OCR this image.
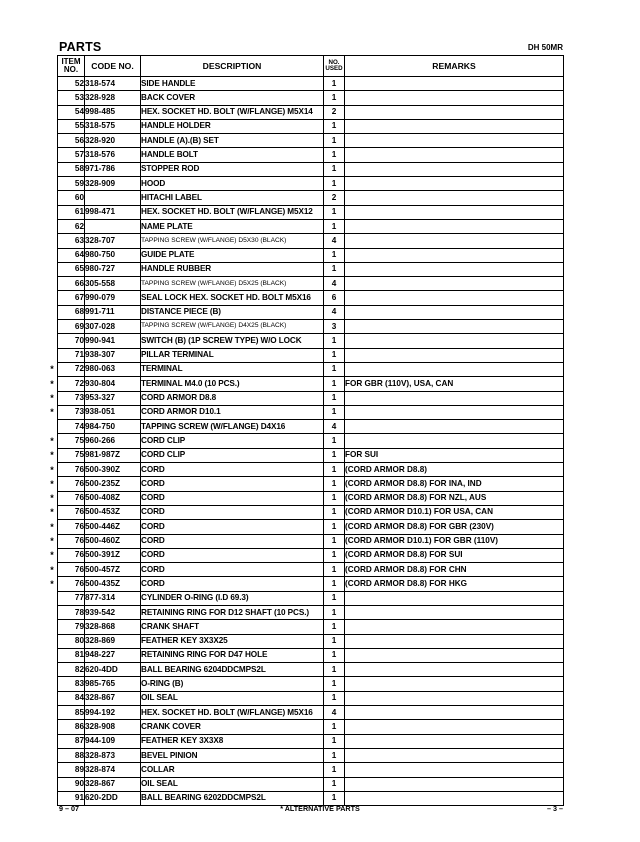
PARTS	DH 50MR
ITEM
NO.	CODE NO.	DESCRIPTION	NO.
USED	REMARKS

52	318-574	SIDE HANDLE	1	

53	328-928	BACK COVER	1	

54	998-485	HEX. SOCKET HD. BOLT (W/FLANGE) M5X14	2	

55	318-575	HANDLE HOLDER	1	

56	328-920	HANDLE (A).(B) SET	1	

57	318-576	HANDLE BOLT	1	

58	971-786	STOPPER ROD	1	

59	328-909	HOOD	1	

60		HITACHI LABEL	2	

61	998-471	HEX. SOCKET HD. BOLT (W/FLANGE) M5X12	1	

62		NAME PLATE	1	

63	328-707	TAPPING SCREW (W/FLANGE) D5X30 (BLACK)	4	

64	980-750	GUIDE PLATE	1	

65	980-727	HANDLE RUBBER	1	

66	305-558	TAPPING SCREW (W/FLANGE) D5X25 (BLACK)	4	

67	990-079	SEAL LOCK HEX. SOCKET HD. BOLT M5X16	6	

68	991-711	DISTANCE PIECE (B)	4	

69	307-028	TAPPING SCREW (W/FLANGE) D4X25 (BLACK)	3	

70	990-941	SWITCH (B) (1P SCREW TYPE) W/O LOCK	1	

71	938-307	PILLAR TERMINAL	1	

* 72	980-063	TERMINAL	1	

* 72	930-804	TERMINAL M4.0 (10 PCS.)	1	FOR GBR (110V), USA, CAN

* 73	953-327	CORD ARMOR D8.8	1	

* 73	938-051	CORD ARMOR D10.1	1	

74	984-750	TAPPING SCREW (W/FLANGE) D4X16	4	

* 75	960-266	CORD CLIP	1	

* 75	981-987Z	CORD CLIP	1	FOR SUI

* 76	500-390Z	CORD	1	(CORD ARMOR D8.8)

* 76	500-235Z	CORD	1	(CORD ARMOR D8.8) FOR INA, IND

* 76	500-408Z	CORD	1	(CORD ARMOR D8.8) FOR NZL, AUS

* 76	500-453Z	CORD	1	(CORD ARMOR D10.1) FOR USA, CAN

* 76	500-446Z	CORD	1	(CORD ARMOR D8.8) FOR GBR (230V)

* 76	500-460Z	CORD	1	(CORD ARMOR D10.1) FOR GBR (110V)

* 76	500-391Z	CORD	1	(CORD ARMOR D8.8) FOR SUI

* 76	500-457Z	CORD	1	(CORD ARMOR D8.8) FOR CHN

* 76	500-435Z	CORD	1	(CORD ARMOR D8.8) FOR HKG

77	877-314	CYLINDER O-RING (I.D 69.3)	1	

78	939-542	RETAINING RING FOR D12 SHAFT (10 PCS.)	1	

79	328-868	CRANK SHAFT	1	

80	328-869	FEATHER KEY 3X3X25	1	

81	948-227	RETAINING RING FOR D47 HOLE	1	

82	620-4DD	BALL BEARING 6204DDCMPS2L	1	

83	985-765	O-RING (B)	1	

84	328-867	OIL SEAL	1	

85	994-192	HEX. SOCKET HD. BOLT (W/FLANGE) M5X16	4	

86	328-908	CRANK COVER	1	

87	944-109	FEATHER KEY 3X3X8	1	

88	328-873	BEVEL PINION	1	

89	328-874	COLLAR	1	

90	328-867	OIL SEAL	1	

91	620-2DD	BALL BEARING 6202DDCMPS2L	1	
9 – 07	* ALTERNATIVE PARTS	– 3 –
